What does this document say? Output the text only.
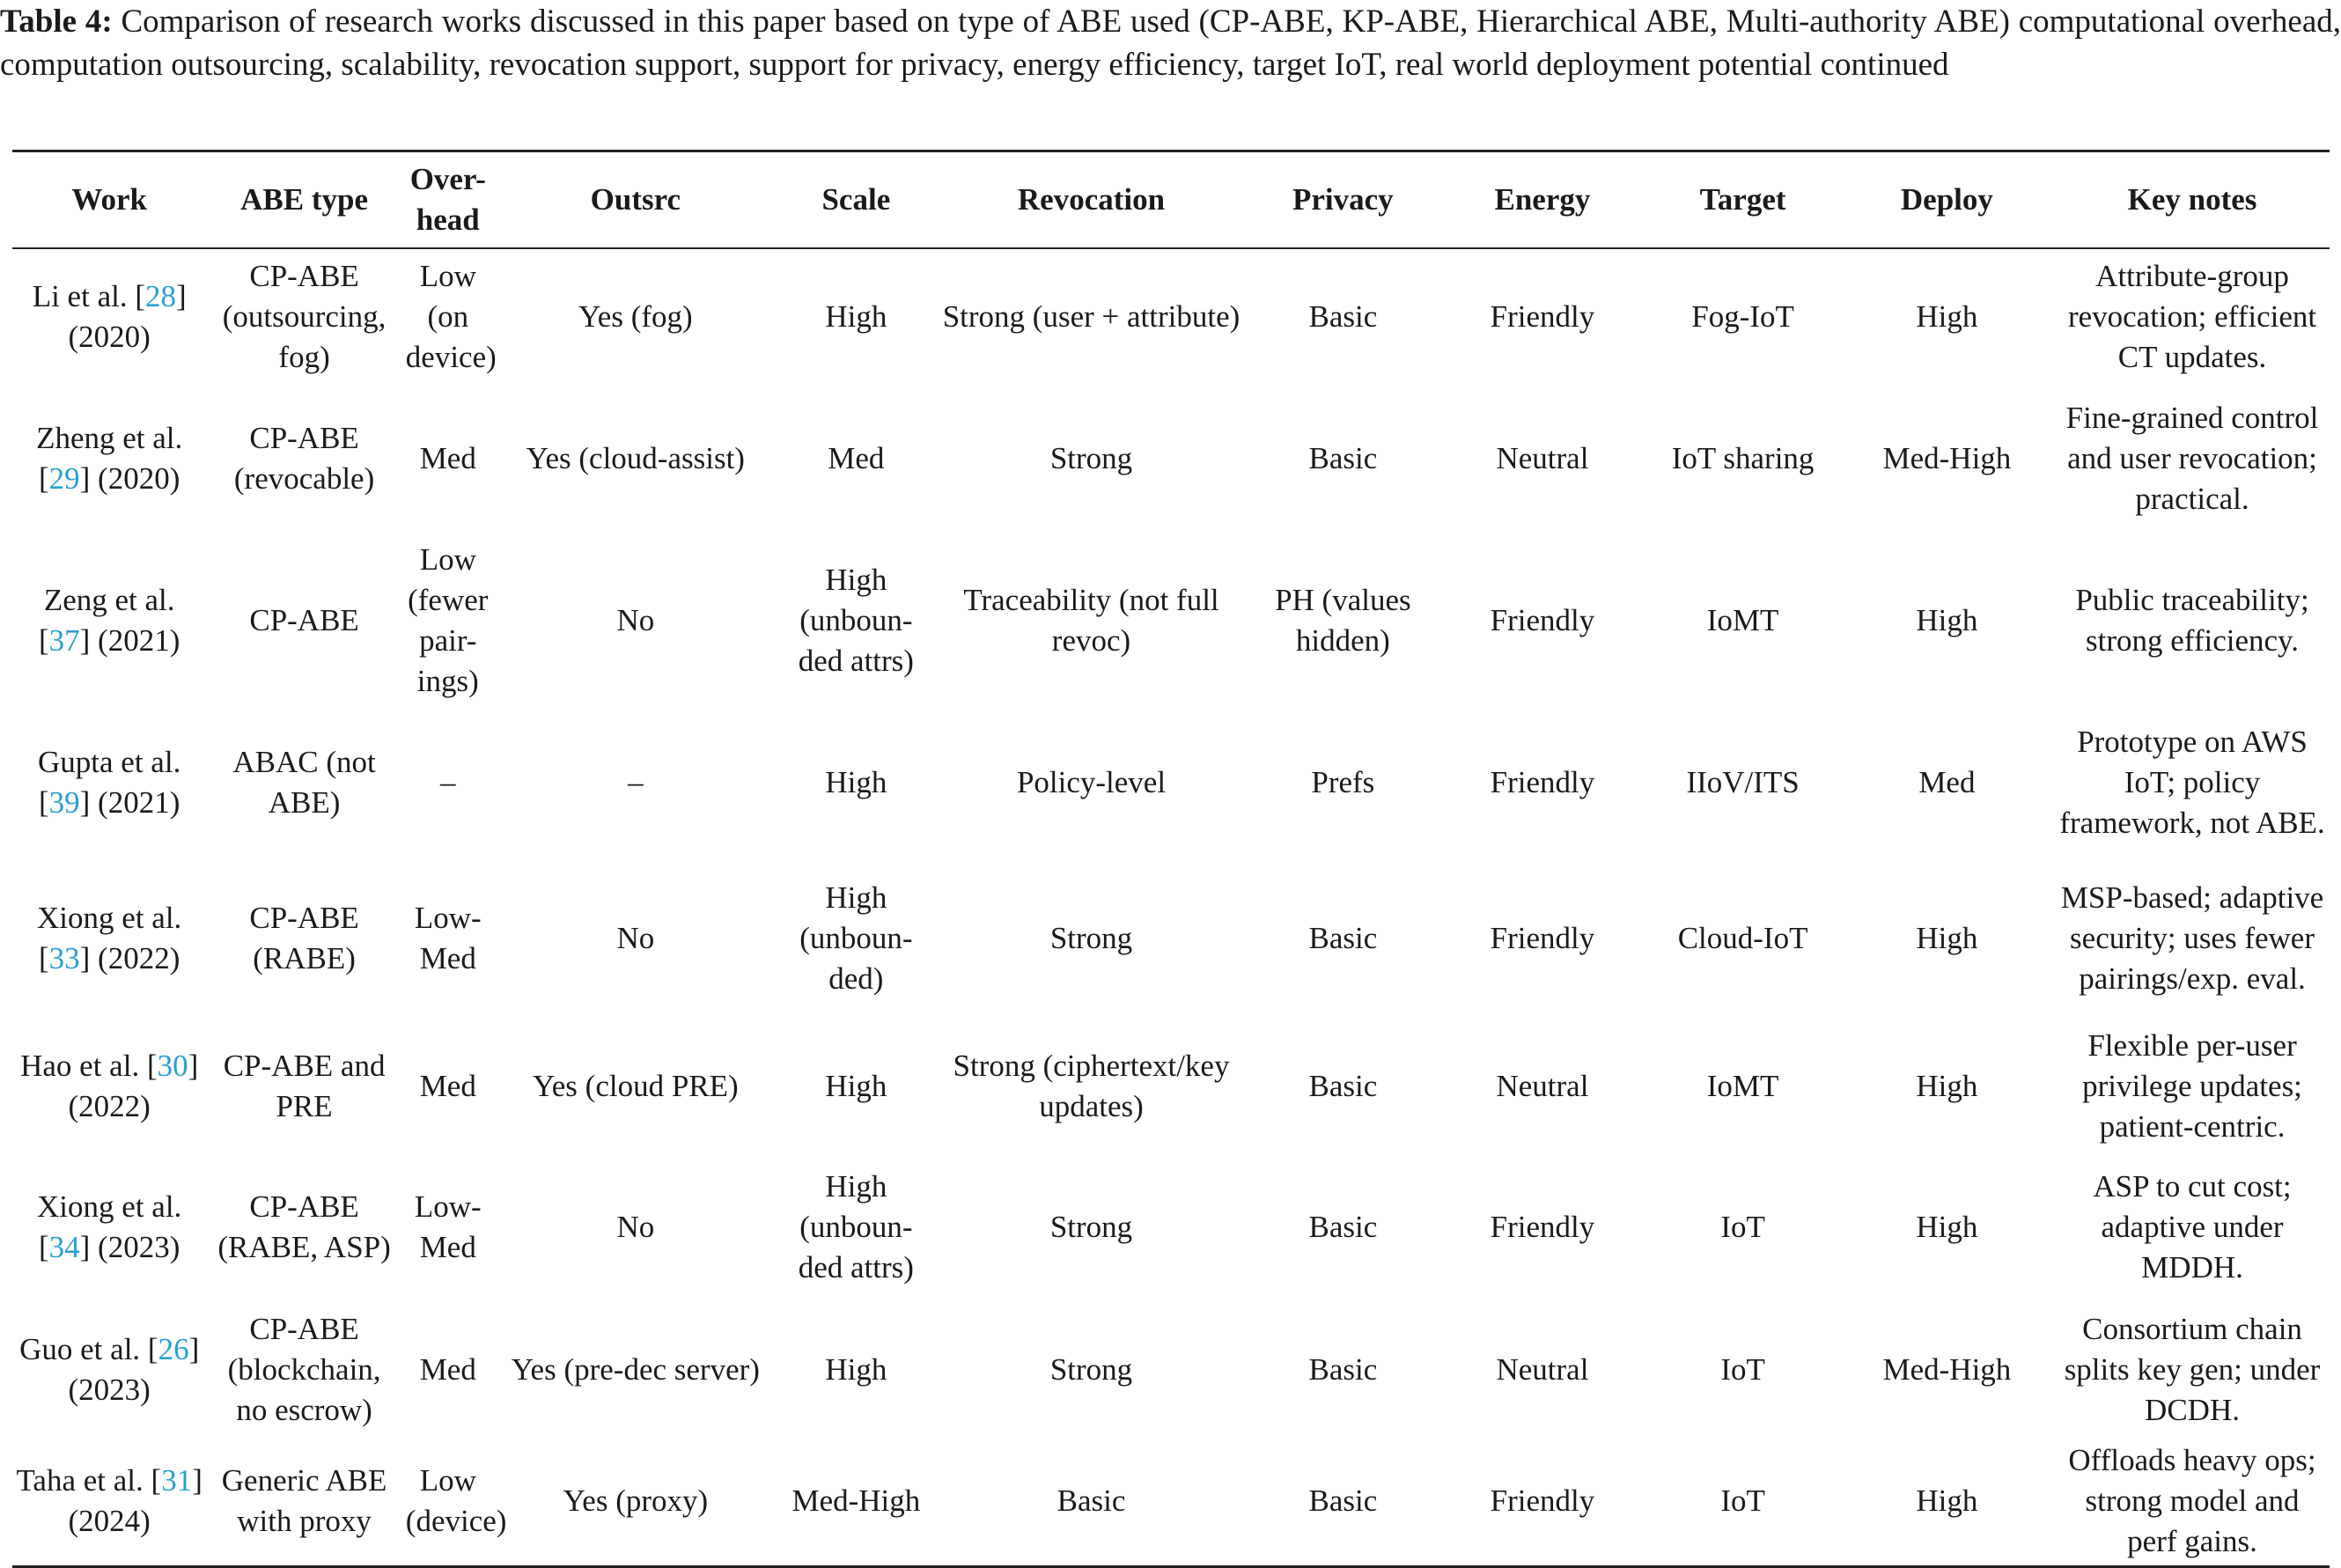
Table 4: Comparison of research works discussed in this paper based on type of ABE used (CP-ABE, KP-ABE, Hierarchical ABE, Multi-authority ABE) computational overhead, computation outsourcing, scalability, revocation support, support for privacy, energy efficiency, target IoT, real world deployment potential continued

Work	ABE type	Over-head	Outsrc	Scale	Revocation	Privacy	Energy	Target	Deploy	Key notes
Li et al. [28] (2020)	CP-ABE (outsourcing, fog)	Low (on device)	Yes (fog)	High	Strong (user + attribute)	Basic	Friendly	Fog-IoT	High	Attribute-group revocation; efficient CT updates.
Zheng et al. [29] (2020)	CP-ABE (revocable)	Med	Yes (cloud-assist)	Med	Strong	Basic	Neutral	IoT sharing	Med-High	Fine-grained control and user revocation; practical.
Zeng et al. [37] (2021)	CP-ABE	Low (fewer pair-ings)	No	High (unboun-ded attrs)	Traceability (not full revoc)	PH (values hidden)	Friendly	IoMT	High	Public traceability; strong efficiency.
Gupta et al. [39] (2021)	ABAC (not ABE)	–	–	High	Policy-level	Prefs	Friendly	IIoV/ITS	Med	Prototype on AWS IoT; policy framework, not ABE.
Xiong et al. [33] (2022)	CP-ABE (RABE)	Low-Med	No	High (unboun-ded)	Strong	Basic	Friendly	Cloud-IoT	High	MSP-based; adaptive security; uses fewer pairings/exp. eval.
Hao et al. [30] (2022)	CP-ABE and PRE	Med	Yes (cloud PRE)	High	Strong (ciphertext/key updates)	Basic	Neutral	IoMT	High	Flexible per-user privilege updates; patient-centric.
Xiong et al. [34] (2023)	CP-ABE (RABE, ASP)	Low-Med	No	High (unboun-ded attrs)	Strong	Basic	Friendly	IoT	High	ASP to cut cost; adaptive under MDDH.
Guo et al. [26] (2023)	CP-ABE (blockchain, no escrow)	Med	Yes (pre-dec server)	High	Strong	Basic	Neutral	IoT	Med-High	Consortium chain splits key gen; under DCDH.
Taha et al. [31] (2024)	Generic ABE with proxy	Low (device)	Yes (proxy)	Med-High	Basic	Basic	Friendly	IoT	High	Offloads heavy ops; strong model and perf gains.
